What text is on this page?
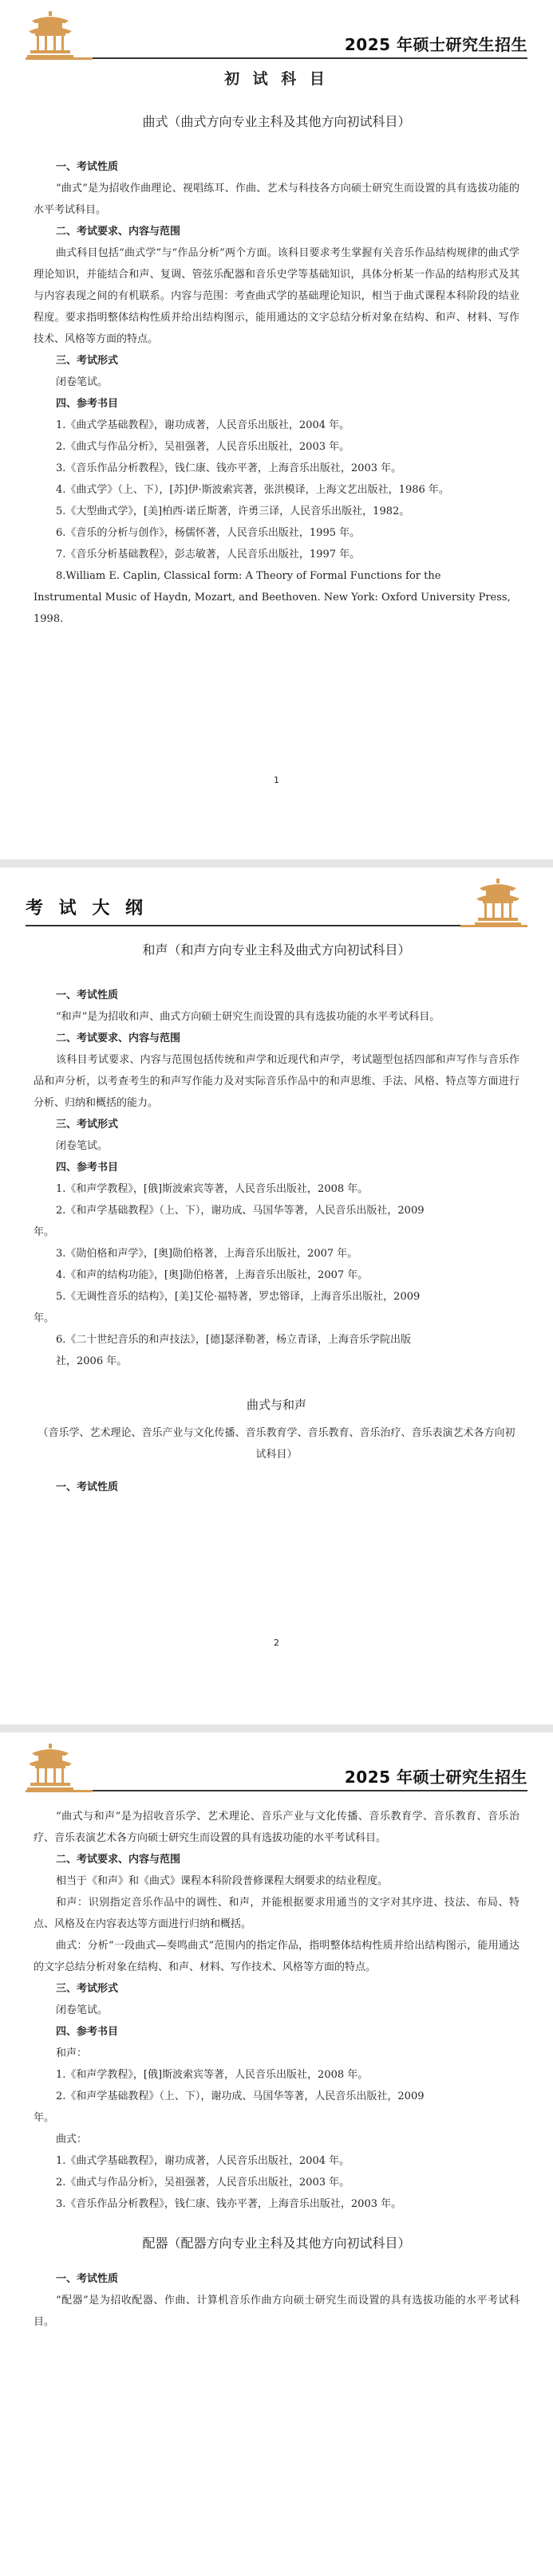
2025 年硕士研究生招生

初 试 科 目

曲式（曲式方向专业主科及其他方向初试科目）

一、考试性质

“曲式”是为招收作曲理论、视唱练耳、作曲、艺术与科技各方向硕士研究生而设置的具有选拔功能的水平考试科目。

二、考试要求、内容与范围

曲式科目包括“曲式学”与“作品分析”两个方面。该科目要求考生掌握有关音乐作品结构规律的曲式学理论知识，并能结合和声、复调、管弦乐配器和音乐史学等基础知识，具体分析某一作品的结构形式及其与内容表现之间的有机联系。内容与范围：考查曲式学的基础理论知识，相当于曲式课程本科阶段的结业程度。要求指明整体结构性质并给出结构图示，能用通达的文字总结分析对象在结构、和声、材料、写作技术、风格等方面的特点。

三、考试形式

闭卷笔试。

四、参考书目

1.《曲式学基础教程》，谢功成著，人民音乐出版社，2004 年。

2.《曲式与作品分析》，吴祖强著，人民音乐出版社，2003 年。

3.《音乐作品分析教程》，钱仁康、钱亦平著，上海音乐出版社，2003 年。

4.《曲式学》（上、下），[苏]伊·斯波索宾著，张洪模译，上海文艺出版社，1986 年。

5.《大型曲式学》，[美]柏西·诺丘斯著，许勇三译，人民音乐出版社，1982。

6.《音乐的分析与创作》，杨儒怀著，人民音乐出版社，1995 年。

7.《音乐分析基础教程》，彭志敏著，人民音乐出版社，1997 年。

8.William E. Caplin, Classical form: A Theory of Formal Functions for the

Instrumental Music of Haydn, Mozart, and Beethoven. New York: Oxford University Press,

1998.

1
考 试 大 纲

和声（和声方向专业主科及曲式方向初试科目）

一、考试性质

“和声”是为招收和声、曲式方向硕士研究生而设置的具有选拔功能的水平考试科目。

二、考试要求、内容与范围

该科目考试要求、内容与范围包括传统和声学和近现代和声学，考试题型包括四部和声写作与音乐作品和声分析，以考查考生的和声写作能力及对实际音乐作品中的和声思维、手法、风格、特点等方面进行分析、归纳和概括的能力。

三、考试形式

闭卷笔试。

四、参考书目

1.《和声学教程》，[俄]斯波索宾等著，人民音乐出版社，2008 年。

2.《和声学基础教程》（上、下），谢功成、马国华等著，人民音乐出版社，2009

年。

3.《勋伯格和声学》，[奥]勋伯格著，上海音乐出版社，2007 年。

4.《和声的结构功能》，[奥]勋伯格著，上海音乐出版社，2007 年。

5.《无调性音乐的结构》，[美]艾伦·福特著，罗忠镕译，上海音乐出版社，2009

年。

6.《二十世纪音乐的和声技法》，[德]瑟泽勒著，杨立青译，上海音乐学院出版

社，2006 年。

曲式与和声

（音乐学、艺术理论、音乐产业与文化传播、音乐教育学、音乐教育、音乐治疗、音乐表演艺术各方向初试科目）

一、考试性质

2
2025 年硕士研究生招生

“曲式与和声”是为招收音乐学、艺术理论、音乐产业与文化传播、音乐教育学、音乐教育、音乐治疗、音乐表演艺术各方向硕士研究生而设置的具有选拔功能的水平考试科目。

二、考试要求、内容与范围

相当于《和声》和《曲式》课程本科阶段普修课程大纲要求的结业程度。

和声：识别指定音乐作品中的调性、和声，并能根据要求用通当的文字对其序进、技法、布局、特点、风格及在内容表达等方面进行归纳和概括。

曲式：分析“一段曲式—奏鸣曲式”范围内的指定作品，指明整体结构性质并给出结构图示，能用通达的文字总结分析对象在结构、和声、材料、写作技术、风格等方面的特点。

三、考试形式

闭卷笔试。

四、参考书目

和声：

1.《和声学教程》，[俄]斯波索宾等著，人民音乐出版社，2008 年。

2.《和声学基础教程》（上、下），谢功成、马国华等著，人民音乐出版社，2009

年。

曲式：

1.《曲式学基础教程》，谢功成著，人民音乐出版社，2004 年。

2.《曲式与作品分析》，吴祖强著，人民音乐出版社，2003 年。

3.《音乐作品分析教程》，钱仁康、钱亦平著，上海音乐出版社，2003 年。

配器（配器方向专业主科及其他方向初试科目）

一、考试性质

“配器”是为招收配器、作曲、计算机音乐作曲方向硕士研究生而设置的具有选拔功能的水平考试科目。
